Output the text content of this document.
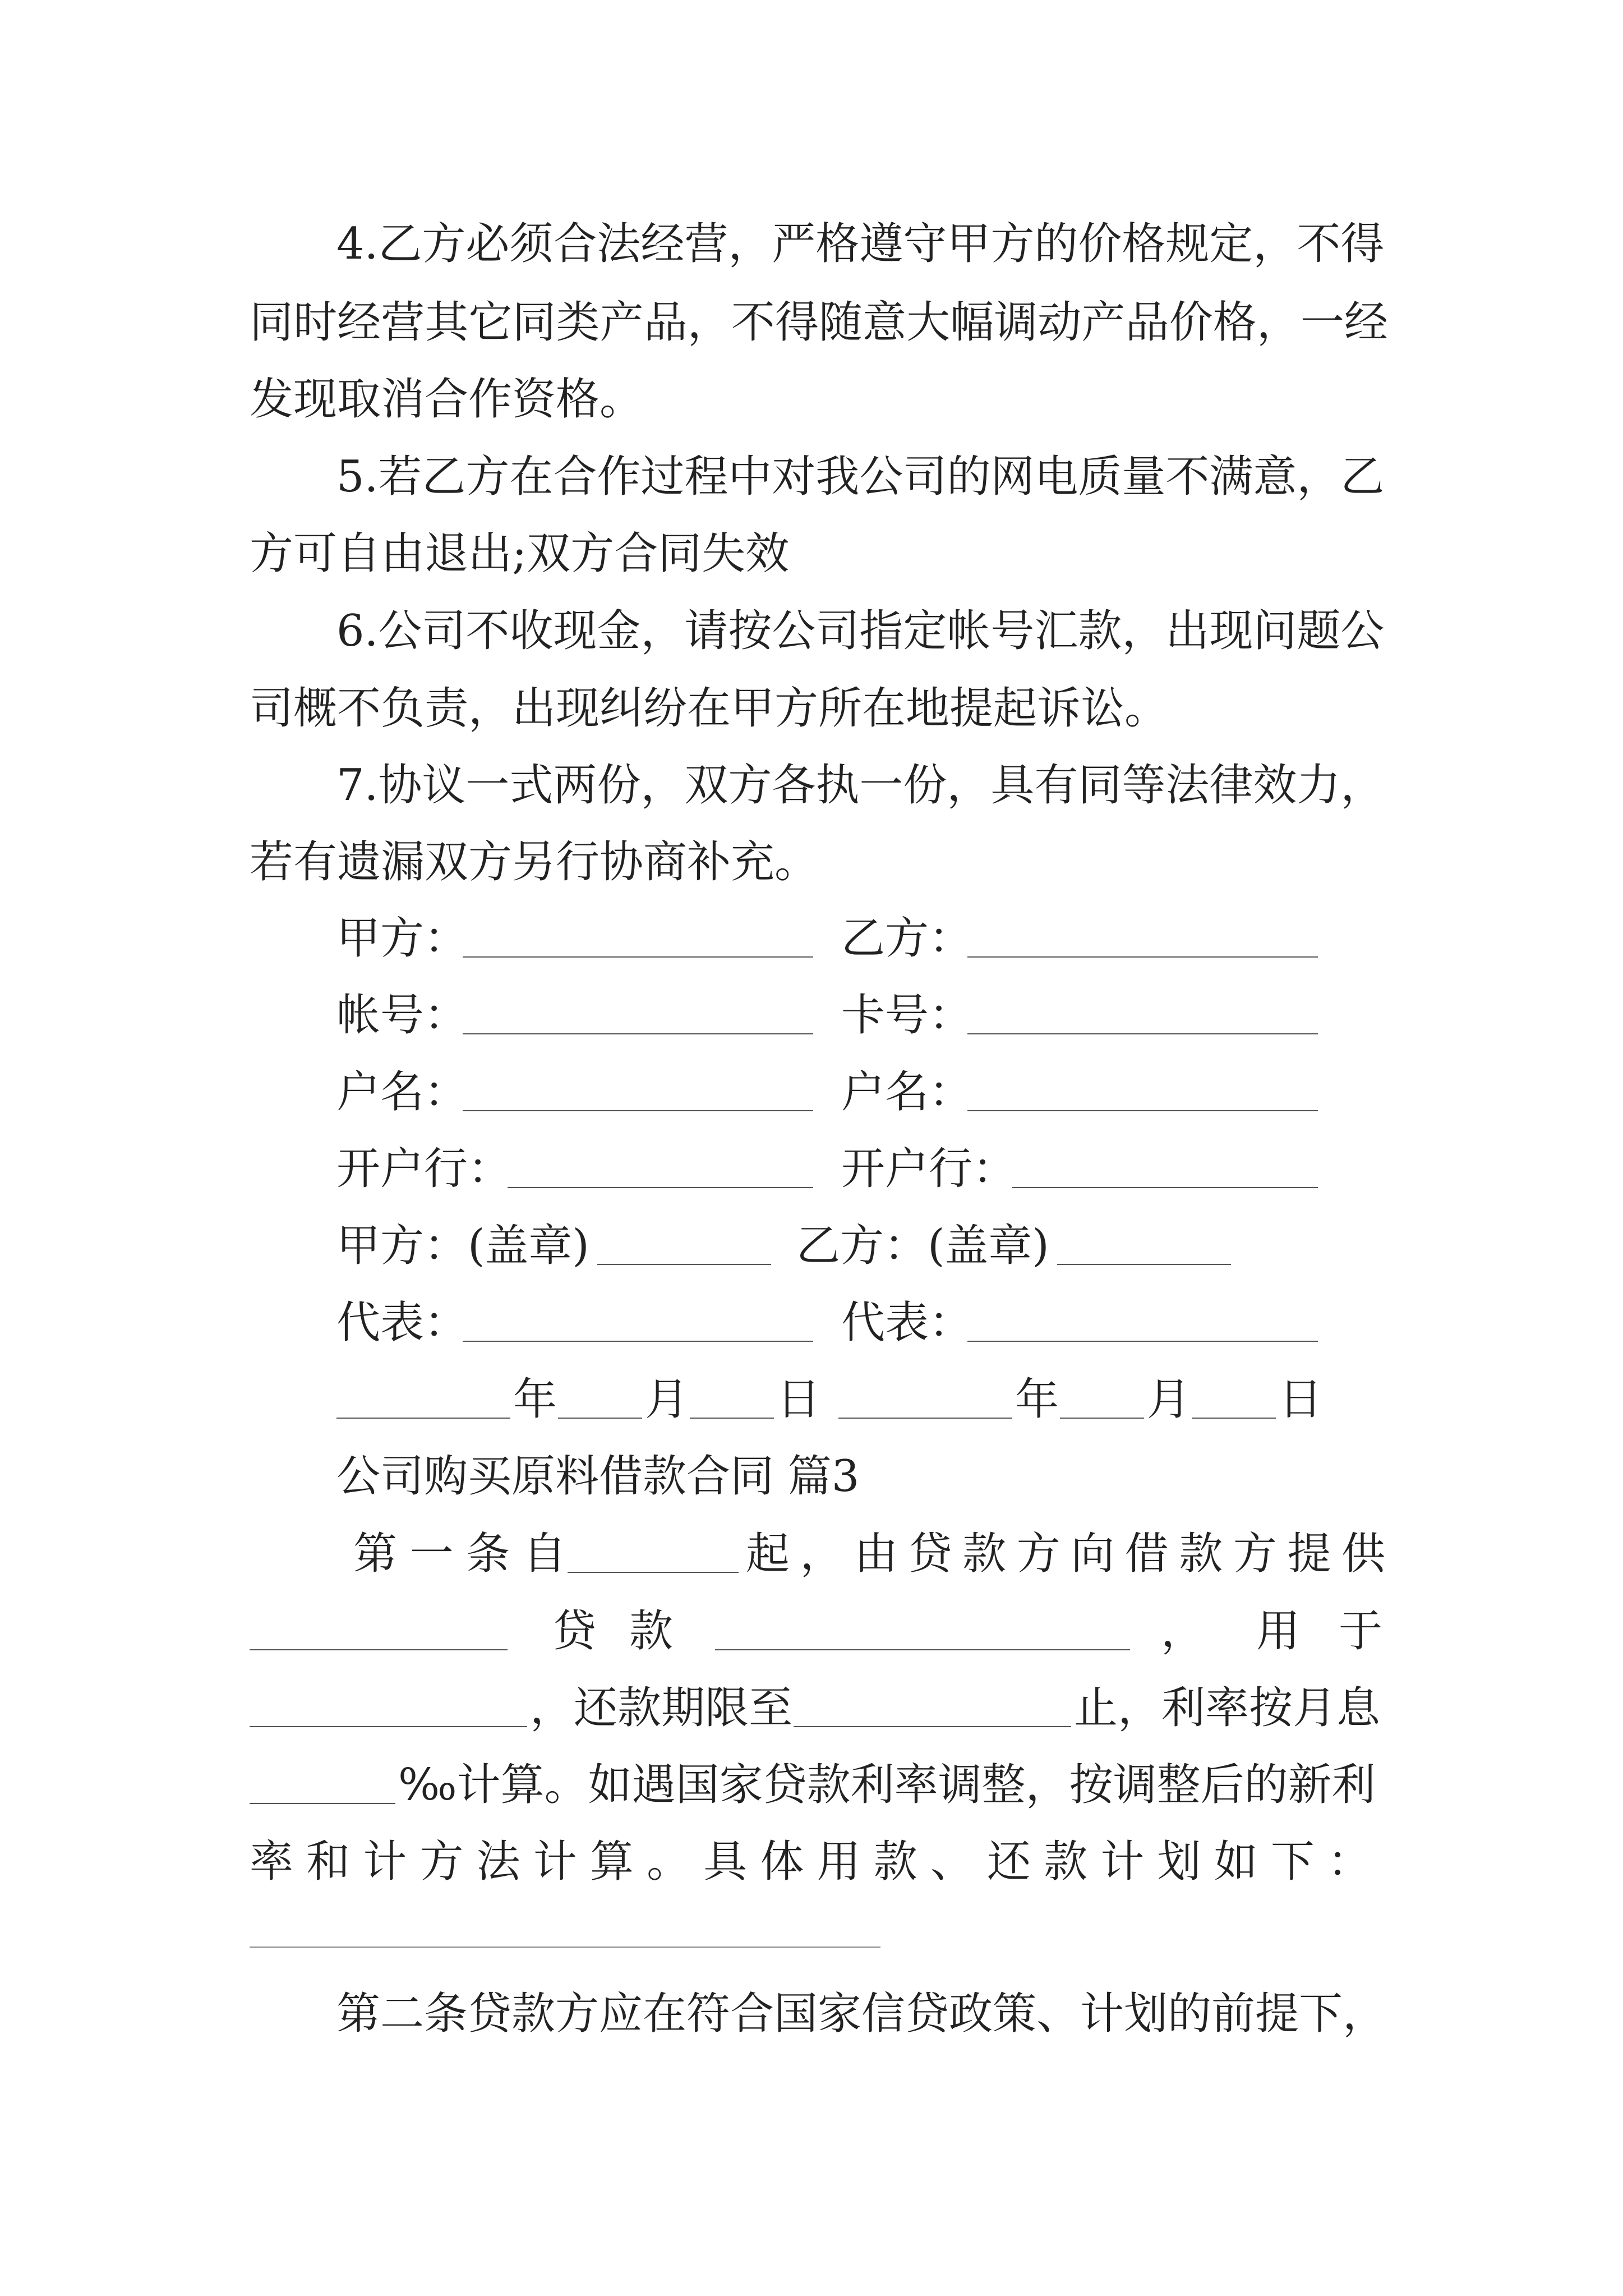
4.乙方必须合法经营，严格遵守甲方的价格规定，不得
同时经营其它同类产品，不得随意大幅调动产品价格，一经
发现取消合作资格。
5.若乙方在合作过程中对我公司的网电质量不满意，乙
方可自由退出;双方合同失效
6.公司不收现金，请按公司指定帐号汇款，出现问题公
司概不负责，出现纠纷在甲方所在地提起诉讼。
7.协议一式两份，双方各执一份，具有同等法律效力，
若有遗漏双方另行协商补充。
甲方：	乙方：
帐号：	卡号：
户名：	户名：
开户行：	开户行：
甲方：(盖章)	乙方：(盖章)
代表：	代表：
年 月 日	年 月 日
公司购买原料借款合同 篇3
第一条自	起，由贷款方向借款方提供
贷款	， 用于
，还款期限至	止，利率按月息
‰计算。如遇国家贷款利率调整，按调整后的新利
率和计方法计算。具体用款、还款计划如下：
第二条贷款方应在符合国家信贷政策、计划的前提下，
